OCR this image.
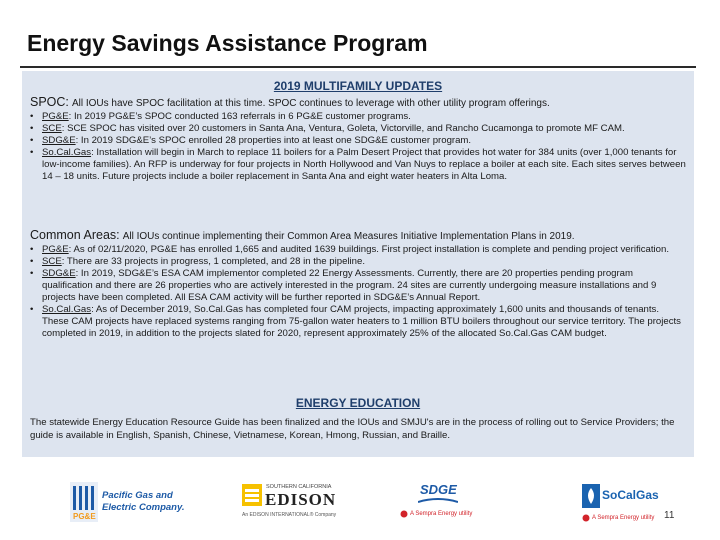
Energy Savings Assistance Program
2019 MULTIFAMILY UPDATES
SPOC: All IOUs have SPOC facilitation at this time. SPOC continues to leverage with other utility program offerings.
• PG&E: In 2019 PG&E’s SPOC conducted 163 referrals in 6 PG&E customer programs.
• SCE: SCE SPOC has visited over 20 customers in Santa Ana, Ventura, Goleta, Victorville, and Rancho Cucamonga to promote MF CAM.
• SDG&E: In 2019 SDG&E’s SPOC enrolled 28 properties into at least one SDG&E customer program.
• So.Cal.Gas: Installation will begin in March to replace 11 boilers for a Palm Desert Project that provides hot water for 384 units (over 1,000 tenants for low-income families). An RFP is underway for four projects in North Hollywood and Van Nuys to replace a boiler at each site. Each sites serves between 14 – 18 units. Future projects include a boiler replacement in Santa Ana and eight water heaters in Alta Loma.
Common Areas: All IOUs continue implementing their Common Area Measures Initiative Implementation Plans in 2019.
• PG&E: As of 02/11/2020, PG&E has enrolled 1,665 and audited 1639 buildings. First project installation is complete and pending project verification.
• SCE: There are 33 projects in progress, 1 completed, and 28 in the pipeline.
• SDG&E: In 2019, SDG&E’s ESA CAM implementor completed 22 Energy Assessments. Currently, there are 20 properties pending program qualification and there are 26 properties who are actively interested in the program. 24 sites are currently undergoing measure installations and 9 projects have been completed. All ESA CAM activity will be further reported in SDG&E’s Annual Report.
• So.Cal.Gas: As of December 2019, So.Cal.Gas has completed four CAM projects, impacting approximately 1,600 units and thousands of tenants. These CAM projects have replaced systems ranging from 75-gallon water heaters to 1 million BTU boilers throughout our service territory. The projects completed in 2019, in addition to the projects slated for 2020, represent approximately 25% of the allocated So.Cal.Gas CAM budget.
ENERGY EDUCATION
The statewide Energy Education Resource Guide has been finalized and the IOUs and SMJU's are in the process of rolling out to Service Providers; the guide is available in English, Spanish, Chinese, Vietnamese, Korean, Hmong, Russian, and Braille.
PG&E
Pacific Gas and
Electric Company.
SOUTHERN CALIFORNIA
EDISON
An EDISON INTERNATIONAL® Company
SDGE
A Sempra Energy utility
SoCalGas
A Sempra Energy utility 11
